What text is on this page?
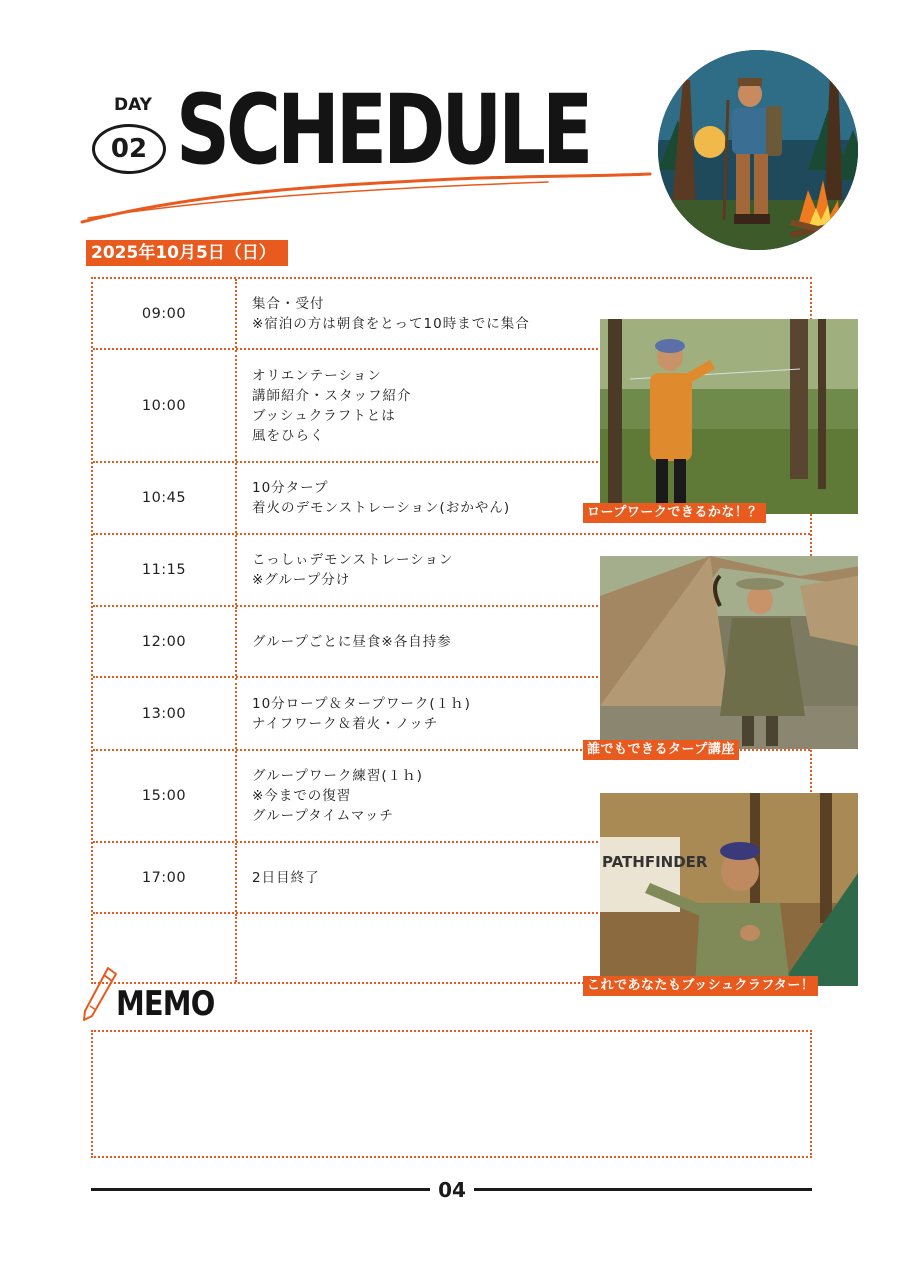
DAY
02 SCHEDULE
2025年10月5日（日）
09:00
集合・受付
※宿泊の方は朝食をとって10時までに集合
10:00
オリエンテーション
講師紹介・スタッフ紹介
ブッシュクラフトとは
風をひらく
10:45
10分タープ
着火のデモンストレーション(おかやん)
11:15
こっしぃデモンストレーション
※グループ分け
12:00	グループごとに昼食※各自持参
13:00
10分ロープ＆タープワーク(１ｈ)
ナイフワーク＆着火・ノッチ
15:00
グループワーク練習(１ｈ)
※今までの復習
グループタイムマッチ
17:00	2日目終了
ロープワークできるかな！？
誰でもできるタープ講座
PATHFINDER
これであなたもブッシュクラフター！
MEMO
04
